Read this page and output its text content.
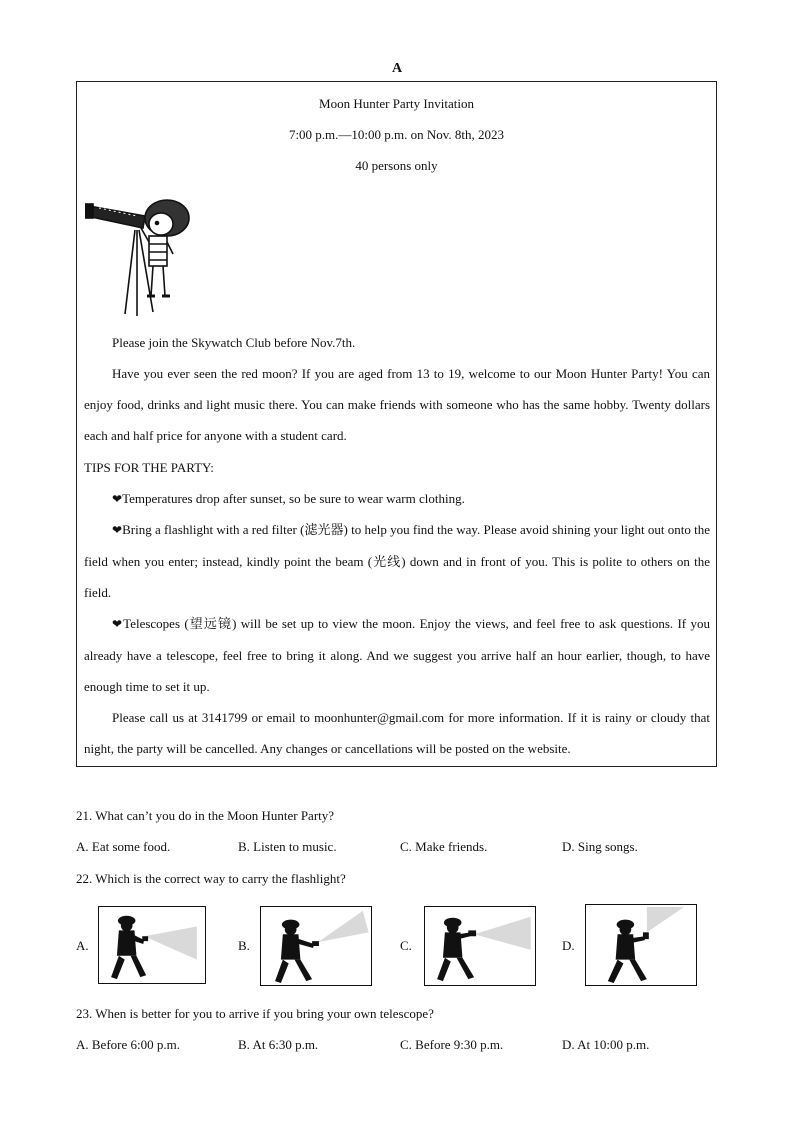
A
Moon Hunter Party Invitation
7:00 p.m.—10:00 p.m. on Nov. 8th, 2023
40 persons only

Please join the Skywatch Club before Nov.7th.

Have you ever seen the red moon? If you are aged from 13 to 19, welcome to our Moon Hunter Party! You can enjoy food, drinks and light music there. You can make friends with someone who has the same hobby. Twenty dollars each and half price for anyone with a student card.

TIPS FOR THE PARTY:

❤Temperatures drop after sunset, so be sure to wear warm clothing.

❤Bring a flashlight with a red filter (滤光器) to help you find the way. Please avoid shining your light out onto the field when you enter; instead, kindly point the beam (光线) down and in front of you. This is polite to others on the field.

❤Telescopes (望远镜) will be set up to view the moon. Enjoy the views, and feel free to ask questions. If you already have a telescope, feel free to bring it along. And we suggest you arrive half an hour earlier, though, to have enough time to set it up.

Please call us at 3141799 or email to moonhunter@gmail.com for more information. If it is rainy or cloudy that night, the party will be cancelled. Any changes or cancellations will be posted on the website.

21. What can’t you do in the Moon Hunter Party?
A. Eat some food.	B. Listen to music.	C. Make friends.	D. Sing songs.
22. Which is the correct way to carry the flashlight?
A.	B.	C.	D.
23. When is better for you to arrive if you bring your own telescope?
A. Before 6:00 p.m.	B. At 6:30 p.m.	C. Before 9:30 p.m.	D. At 10:00 p.m.
